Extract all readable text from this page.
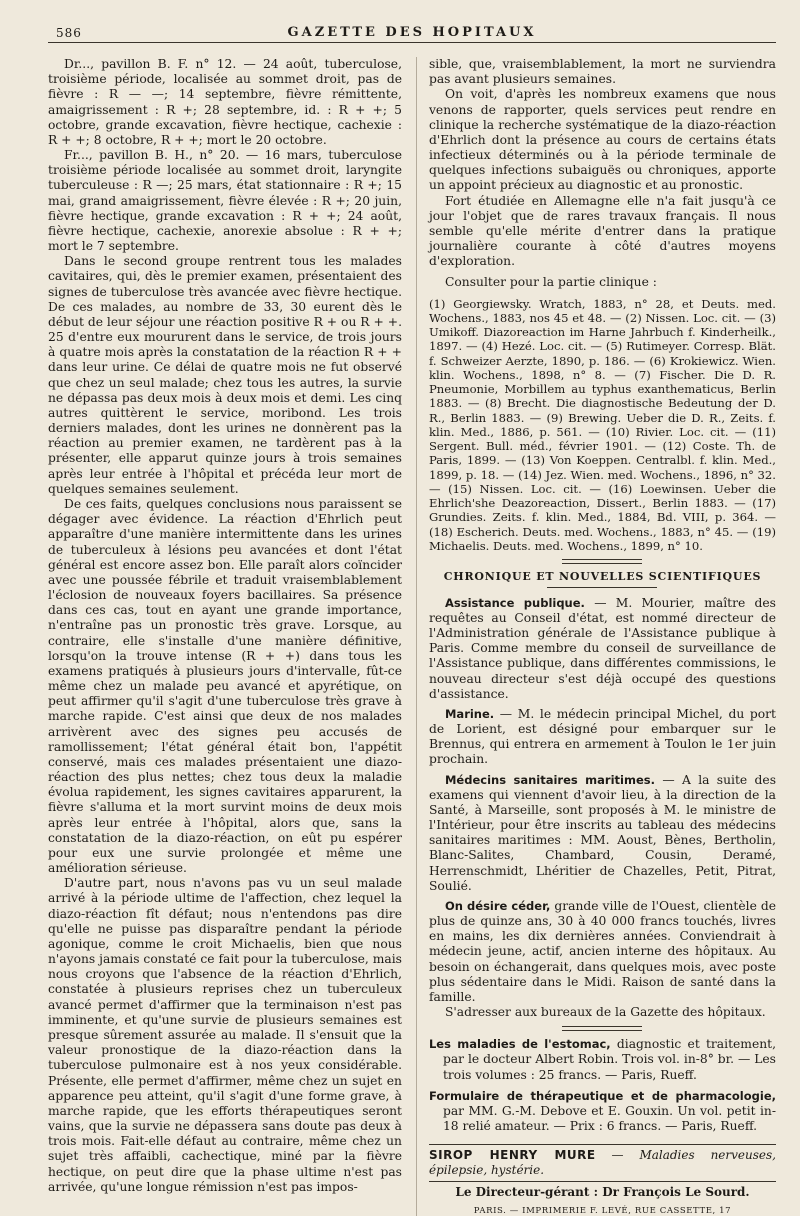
586	GAZETTE DES HOPITAUX

Dr..., pavillon B. F. n° 12. — 24 août, tuberculose, troisième période, localisée au sommet droit, pas de fièvre : R — —; 14 septembre, fièvre rémittente, amaigrissement : R +; 28 septembre, id. : R + +; 5 octobre, grande excavation, fièvre hectique, cachexie : R + +; 8 octobre, R + +; mort le 20 octobre.

Fr..., pavillon B. H., n° 20. — 16 mars, tuberculose troisième période localisée au sommet droit, laryngite tuberculeuse : R —; 25 mars, état stationnaire : R +; 15 mai, grand amaigrissement, fièvre élevée : R +; 20 juin, fièvre hectique, grande excavation : R + +; 24 août, fièvre hectique, cachexie, anorexie absolue : R + +; mort le 7 septembre.

Dans le second groupe rentrent tous les malades cavitaires, qui, dès le premier examen, présentaient des signes de tuberculose très avancée avec fièvre hectique. De ces malades, au nombre de 33, 30 eurent dès le début de leur séjour une réaction positive R + ou R + +. 25 d'entre eux moururent dans le service, de trois jours à quatre mois après la constatation de la réaction R + + dans leur urine. Ce délai de quatre mois ne fut observé que chez un seul malade; chez tous les autres, la survie ne dépassa pas deux mois à deux mois et demi. Les cinq autres quittèrent le service, moribond. Les trois derniers malades, dont les urines ne donnèrent pas la réaction au premier examen, ne tardèrent pas à la présenter, elle apparut quinze jours à trois semaines après leur entrée à l'hôpital et précéda leur mort de quelques semaines seulement.

De ces faits, quelques conclusions nous paraissent se dégager avec évidence. La réaction d'Ehrlich peut apparaître d'une manière intermittente dans les urines de tuberculeux à lésions peu avancées et dont l'état général est encore assez bon. Elle paraît alors coïncider avec une poussée fébrile et traduit vraisemblablement l'éclosion de nouveaux foyers bacillaires. Sa présence dans ces cas, tout en ayant une grande importance, n'entraîne pas un pronostic très grave. Lorsque, au contraire, elle s'installe d'une manière définitive, lorsqu'on la trouve intense (R + +) dans tous les examens pratiqués à plusieurs jours d'intervalle, fût-ce même chez un malade peu avancé et apyrétique, on peut affirmer qu'il s'agit d'une tuberculose très grave à marche rapide. C'est ainsi que deux de nos malades arrivèrent avec des signes peu accusés de ramollissement; l'état général était bon, l'appétit conservé, mais ces malades présentaient une diazo-réaction des plus nettes; chez tous deux la maladie évolua rapidement, les signes cavitaires apparurent, la fièvre s'alluma et la mort survint moins de deux mois après leur entrée à l'hôpital, alors que, sans la constatation de la diazo-réaction, on eût pu espérer pour eux une survie prolongée et même une amélioration sérieuse.

D'autre part, nous n'avons pas vu un seul malade arrivé à la période ultime de l'affection, chez lequel la diazo-réaction fît défaut; nous n'entendons pas dire qu'elle ne puisse pas disparaître pendant la période agonique, comme le croit Michaelis, bien que nous n'ayons jamais constaté ce fait pour la tuberculose, mais nous croyons que l'absence de la réaction d'Ehrlich, constatée à plusieurs reprises chez un tuberculeux avancé permet d'affirmer que la terminaison n'est pas imminente, et qu'une survie de plusieurs semaines est presque sûrement assurée au malade. Il s'ensuit que la valeur pronostique de la diazo-réaction dans la tuberculose pulmonaire est à nos yeux considérable. Présente, elle permet d'affirmer, même chez un sujet en apparence peu atteint, qu'il s'agit d'une forme grave, à marche rapide, que les efforts thérapeutiques seront vains, que la survie ne dépassera sans doute pas deux à trois mois. Fait-elle défaut au contraire, même chez un sujet très affaibli, cachectique, miné par la fièvre hectique, on peut dire que la phase ultime n'est pas arrivée, qu'une longue rémission n'est pas impos-

sible, que, vraisemblablement, la mort ne surviendra pas avant plusieurs semaines.

On voit, d'après les nombreux examens que nous venons de rapporter, quels services peut rendre en clinique la recherche systématique de la diazo-réaction d'Ehrlich dont la présence au cours de certains états infectieux déterminés ou à la période terminale de quelques infections subaiguës ou chroniques, apporte un appoint précieux au diagnostic et au pronostic.

Fort étudiée en Allemagne elle n'a fait jusqu'à ce jour l'objet que de rares travaux français. Il nous semble qu'elle mérite d'entrer dans la pratique journalière courante à côté d'autres moyens d'exploration.

Consulter pour la partie clinique :

(1) Georgiewsky. Wratch, 1883, n° 28, et Deuts. med. Wochens., 1883, nos 45 et 48. — (2) Nissen. Loc. cit. — (3) Umikoff. Diazoreaction im Harne Jahrbuch f. Kinderheilk., 1897. — (4) Hezé. Loc. cit. — (5) Rutimeyer. Corresp. Blät. f. Schweizer Aerzte, 1890, p. 186. — (6) Krokiewicz. Wien. klin. Wochens., 1898, n° 8. — (7) Fischer. Die D. R. Pneumonie, Morbillem au typhus exanthematicus, Berlin 1883. — (8) Brecht. Die diagnostische Bedeutung der D. R., Berlin 1883. — (9) Brewing. Ueber die D. R., Zeits. f. klin. Med., 1886, p. 561. — (10) Rivier. Loc. cit. — (11) Sergent. Bull. méd., février 1901. — (12) Coste. Th. de Paris, 1899. — (13) Von Koeppen. Centralbl. f. klin. Med., 1899, p. 18. — (14) Jez. Wien. med. Wochens., 1896, n° 32. — (15) Nissen. Loc. cit. — (16) Loewinsen. Ueber die Ehrlich'she Deazoreaction, Dissert., Berlin 1883. — (17) Grundies. Zeits. f. klin. Med., 1884, Bd. VIII, p. 364. — (18) Escherich. Deuts. med. Wochens., 1883, n° 45. — (19) Michaelis. Deuts. med. Wochens., 1899, n° 10.

CHRONIQUE ET NOUVELLES SCIENTIFIQUES

Assistance publique. — M. Mourier, maître des requêtes au Conseil d'état, est nommé directeur de l'Administration générale de l'Assistance publique à Paris. Comme membre du conseil de surveillance de l'Assistance publique, dans différentes commissions, le nouveau directeur s'est déjà occupé des questions d'assistance.

Marine. — M. le médecin principal Michel, du port de Lorient, est désigné pour embarquer sur le Brennus, qui entrera en armement à Toulon le 1er juin prochain.

Médecins sanitaires maritimes. — A la suite des examens qui viennent d'avoir lieu, à la direction de la Santé, à Marseille, sont proposés à M. le ministre de l'Intérieur, pour être inscrits au tableau des médecins sanitaires maritimes : MM. Aoust, Bènes, Bertholin, Blanc-Salites, Chambard, Cousin, Deramé, Herrenschmidt, Lhéritier de Chazelles, Petit, Pitrat, Soulié.

On désire céder, grande ville de l'Ouest, clientèle de plus de quinze ans, 30 à 40 000 francs touchés, livres en mains, les dix dernières années. Conviendrait à médecin jeune, actif, ancien interne des hôpitaux. Au besoin on échangerait, dans quelques mois, avec poste plus sédentaire dans le Midi. Raison de santé dans la famille.

S'adresser aux bureaux de la Gazette des hôpitaux.

Les maladies de l'estomac, diagnostic et traitement, par le docteur Albert Robin. Trois vol. in-8° br. — Les trois volumes : 25 francs. — Paris, Rueff.

Formulaire de thérapeutique et de pharmacologie, par MM. G.-M. Debove et E. Gouxin. Un vol. petit in-18 relié amateur. — Prix : 6 francs. — Paris, Rueff.

SIROP HENRY MURE — Maladies nerveuses, épilepsie, hystérie.

Le Directeur-gérant : Dr François Le Sourd.

PARIS. — IMPRIMERIE F. LEVÉ, RUE CASSETTE, 17
